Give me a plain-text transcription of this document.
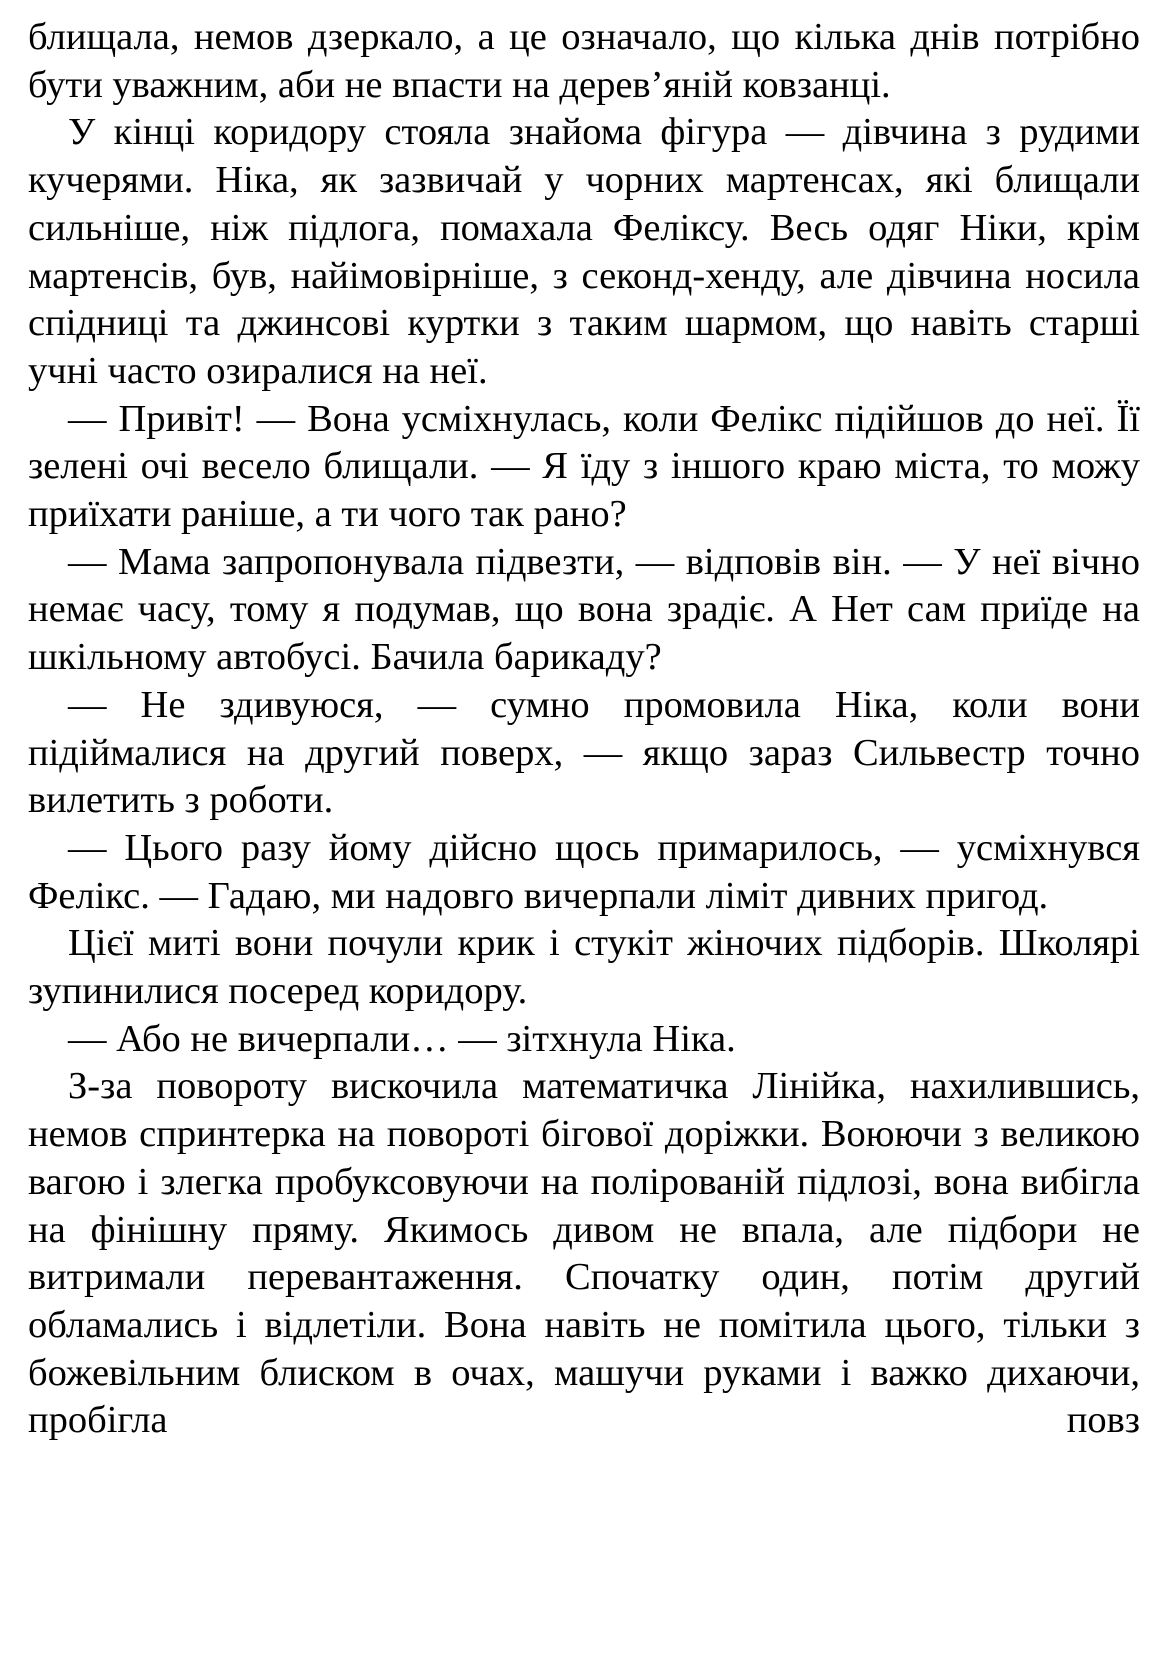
блищала, немов дзеркало, а це означало, що кілька днів потрібно бути уважним, аби не впасти на дерев’яній ковзанці.

У кінці коридору стояла знайома фігура — дівчина з рудими кучерями. Ніка, як зазвичай у чорних мартенсах, які блищали сильніше, ніж підлога, помахала Феліксу. Весь одяг Ніки, крім мартенсів, був, найімовірніше, з секонд-хенду, але дівчина носила спідниці та джинсові куртки з таким шармом, що навіть старші учні часто озиралися на неї.

— Привіт! — Вона усміхнулась, коли Фелікс підійшов до неї. Її зелені очі весело блищали. — Я їду з іншого краю міста, то можу приїхати раніше, а ти чого так рано?

— Мама запропонувала підвезти, — відповів він. — У неї вічно немає часу, тому я подумав, що вона зрадіє. А Нет сам приїде на шкільному автобусі. Бачила барикаду?

— Не здивуюся, — сумно промовила Ніка, коли вони підіймалися на другий поверх, — якщо зараз Сильвестр точно вилетить з роботи.

— Цього разу йому дійсно щось примарилось, — усміхнувся Фелікс. — Гадаю, ми надовго вичерпали ліміт дивних пригод.

Цієї миті вони почули крик і стукіт жіночих підборів. Школярі зупинилися посеред коридору.

— Або не вичерпали… — зітхнула Ніка.

З-за повороту вискочила математичка Лінійка, нахилившись, немов спринтерка на повороті бігової доріжки. Воюючи з великою вагою і злегка пробуксовуючи на полірованій підлозі, вона вибігла на фінішну пряму. Якимось дивом не впала, але підбори не витримали перевантаження. Спочатку один, потім другий обламались і відлетіли. Вона навіть не помітила цього, тільки з божевільним блиском в очах, машучи руками і важко дихаючи, пробігла повз
